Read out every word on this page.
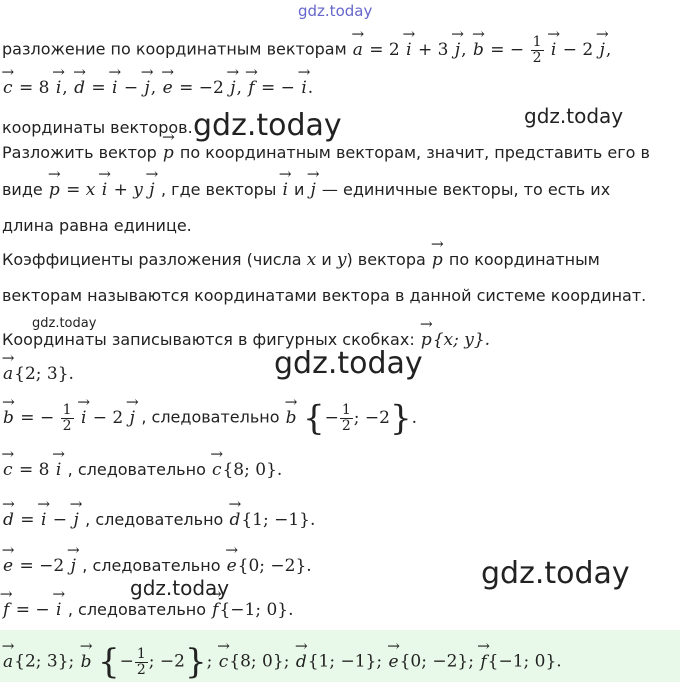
gdz.today
gdz.today	gdz.today
gdz.today
gdz.today
gdz.today
gdz.today
разложение по координатным векторам → a = 2 → i + 3 → j, → b = − $\frac{1}{2}$
→ i − 2 → j,
→ c = 8 → i, → d = → i − → j, → e = −2 → j, → f = − → i.
координаты векторов.
Разложить вектор → p по координатным векторам, значит, представить его в
виде → p = x → i + y → j , где векторы → i и → j — единичные векторы, то есть их
длина равна единице.
Коэффициенты разложения (числа x и y) вектора → p по координатным
векторам называются координатами вектора в данной системе координат.
Координаты записываются в фигурных скобках: → p{x; y}.
→ a{2; 3}.
→ b = − $\frac{1}{2}$
→ i − 2 → j , следовательно → b {− $\frac{1}{2}$ ; −2}.
→ c = 8 → i , следовательно → c{8; 0}.
→ d = → i − → j , следовательно → d{1; −1}.
→ e = −2 → j , следовательно → e{0; −2}.
→ f = − → i , следовательно → f{−1; 0}.
→ a{2; 3}; → b {− $\frac{1}{2}$ ; −2}; → c{8; 0}; → d{1; −1}; → e{0; −2}; → f{−1; 0}.
